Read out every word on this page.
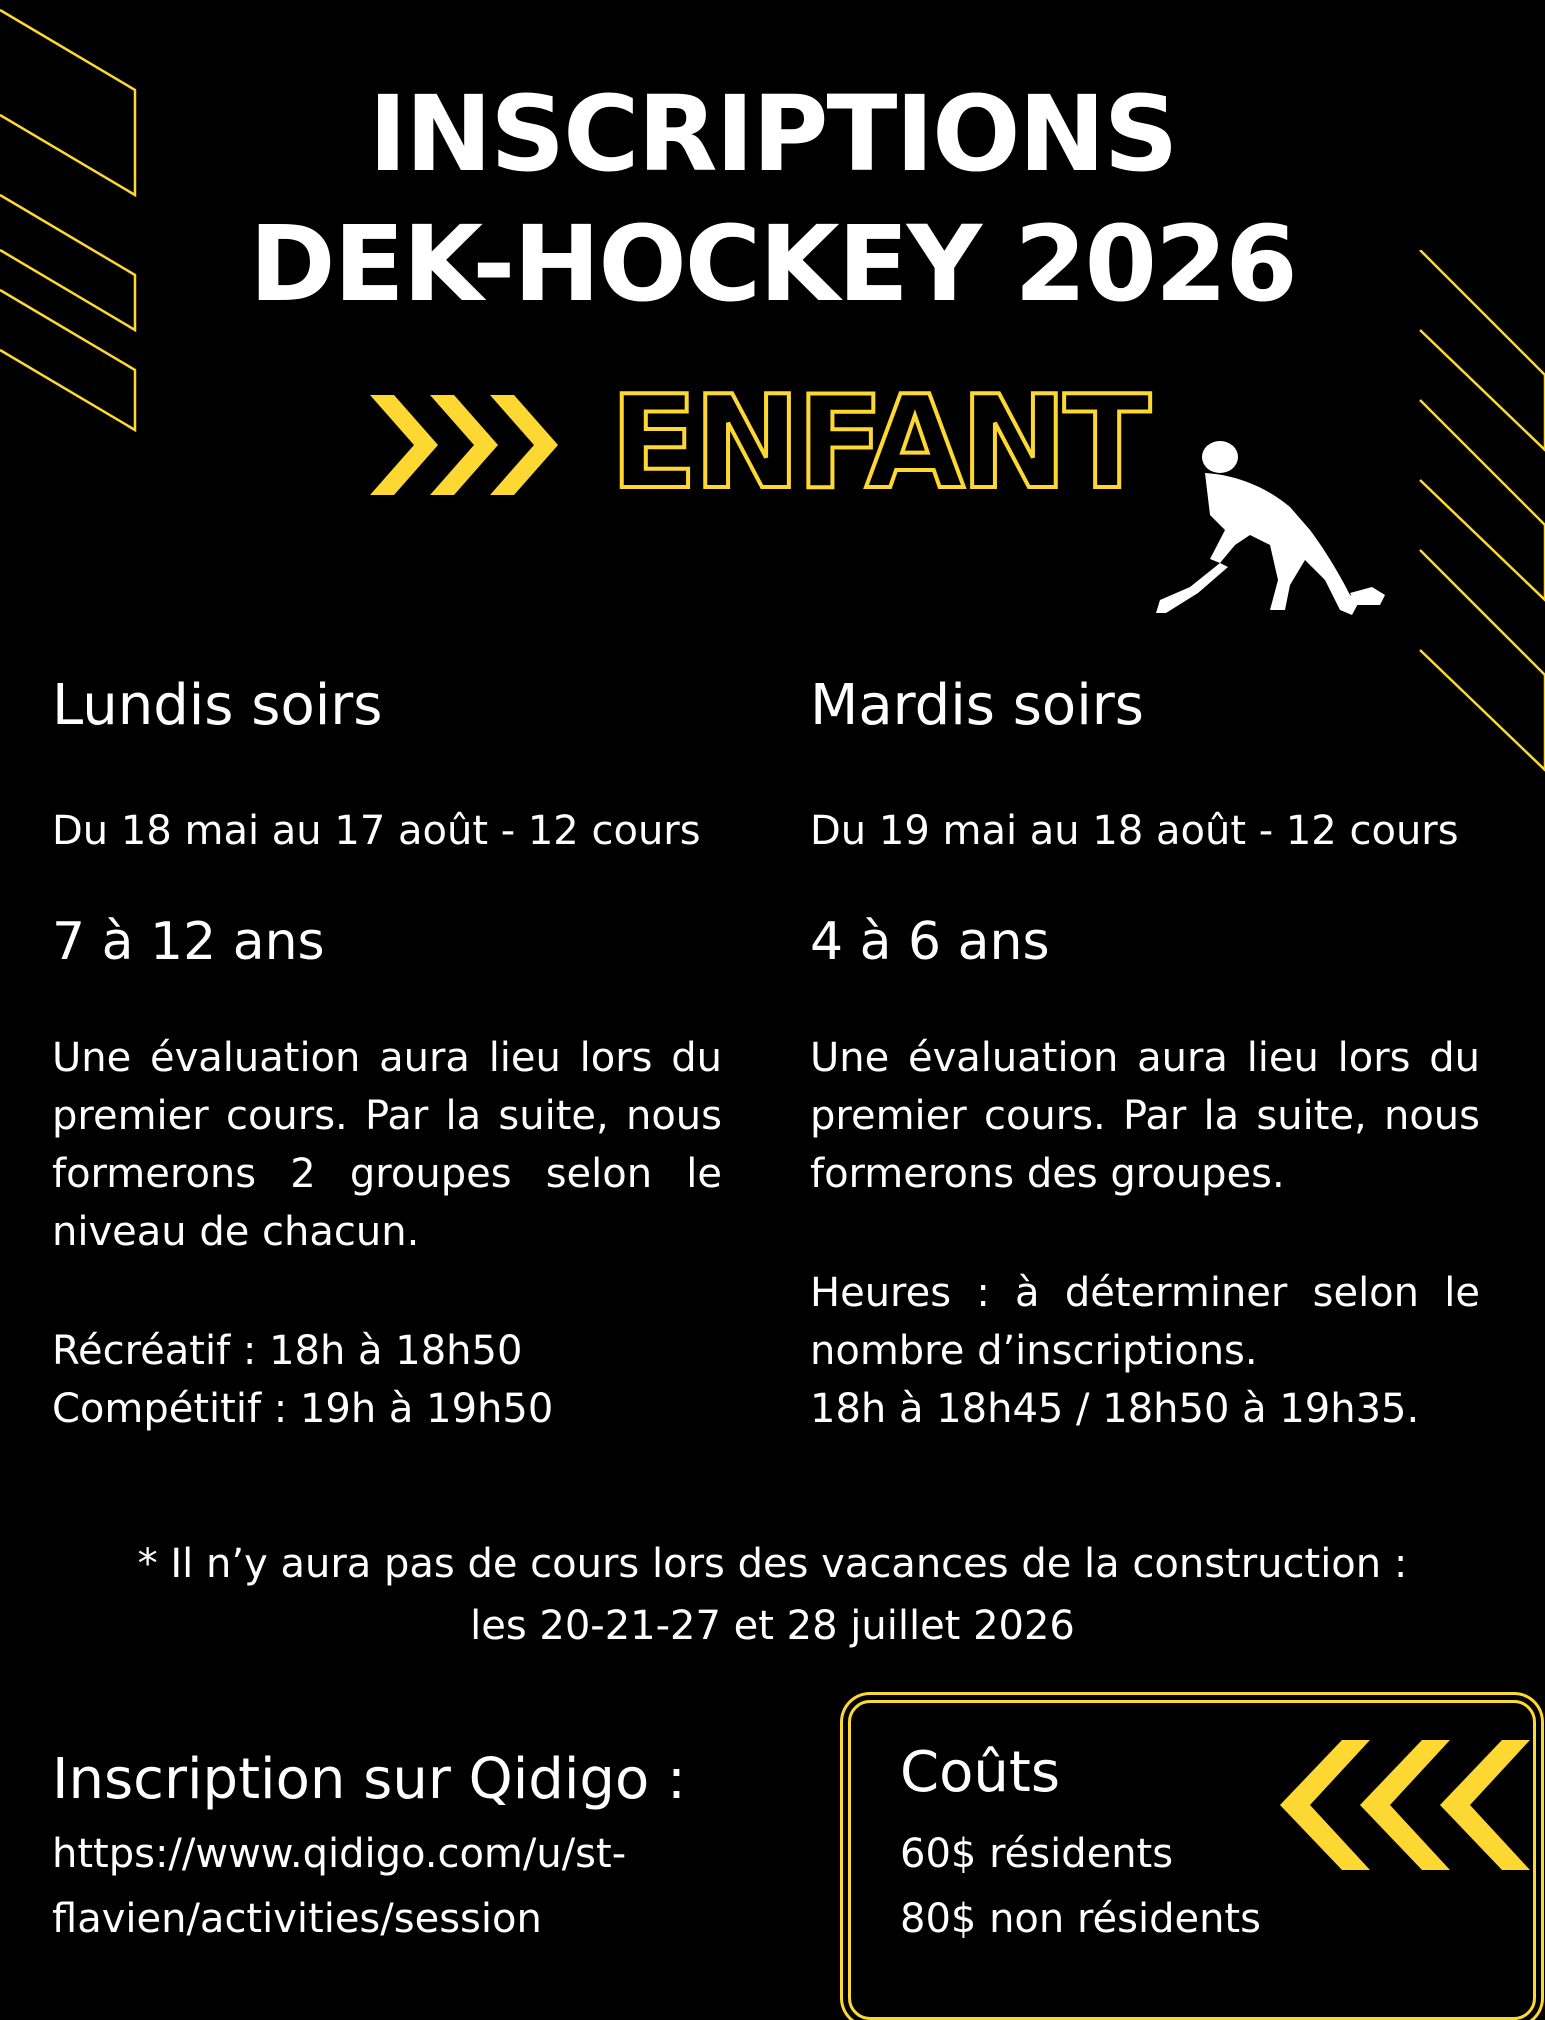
INSCRIPTIONS
DEK-HOCKEY 2026
ENFANT
Lundis soirs
Du 18 mai au 17 août - 12 cours
7 à 12 ans
Une évaluation aura lieu lors du premier cours. Par la suite, nous formerons 2 groupes selon le niveau de chacun.
Récréatif : 18h à 18h50
Compétitif : 19h à 19h50
Mardis soirs
Du 19 mai au 18 août - 12 cours
4 à 6 ans
Une évaluation aura lieu lors du premier cours. Par la suite, nous formerons des groupes.
Heures : à déterminer selon le nombre d’inscriptions.
18h à 18h45 / 18h50 à 19h35.
* Il n’y aura pas de cours lors des vacances de la construction :
les 20-21-27 et 28 juillet 2026
Inscription sur Qidigo :
https://www.qidigo.com/u/st-
flavien/activities/session
Coûts
60$ résidents
80$ non résidents
